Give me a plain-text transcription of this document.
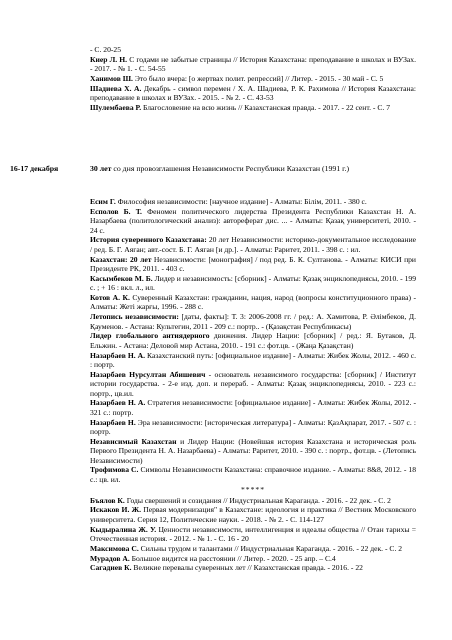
- С. 20-25
Киер Л. Н. С годами не забытые страницы // История Казахстана: преподавание в школах и ВУЗах. - 2017. - № 1. - С. 54-55
Ханимов Ш. Это было вчера: [о жертвах полит. репрессий] // Литер. - 2015. - 30 май - С. 5
Шадиева Х. А. Декабрь - символ перемен / Х. А. Шадиева, Р. К. Рахимова // История Казахстана: преподавание в школах и ВУЗах. - 2015. - № 2. - С. 43-53
Шулембаева Р. Благословение на всю жизнь // Казахстанская правда. - 2017. - 22 сент. - С. 7
16-17 декабря	30 лет со дня провозглашения Независимости Республики Казахстан (1991 г.)
Есим Г. Философия независимости: [научное издание] - Алматы: Білім, 2011. - 380 с.
Есполов Б. Т. Феномен политического лидерства Президента Республики Казахстан Н. А. Назарбаева (политологический анализ): автореферат дис. ... - Алматы: Қазақ университеті, 2010. - 24 с.
История суверенного Казахстана: 20 лет Независимости: историко-документальное исследование / ред. Б. Г. Аяган; авт.-сост. Б. Г. Аяган [и др.]. - Алматы: Раритет, 2011. - 398 с. : ил.
Казахстан: 20 лет Независимости: [монография] / под ред. Б. К. Султанова. - Алматы: КИСИ при Президенте РК, 2011. - 403 с.
Касымбеков М. Б. Лидер и независимость: [сборник] - Алматы: Қазақ энциклопедиясы, 2010. - 199 с. ; + 16 : вкл. л., ил.
Котов А. К. Суверенный Казахстан: гражданин, нация, народ (вопросы конституционного права) - Алматы: Жеті жарғы, 1996. - 288 с.
Летопись независимости: [даты, факты]: Т. 3: 2006-2008 гг. / ред.: А. Хамитова, Р. Әлімбеков, Д. Қауменов. - Астана: Культегин, 2011 - 209 с.: портр.. - (Қазақстан Республикасы)
Лидер глобального антиядерного движения. Лидер Нации: [сборник] / ред.: Я. Бутаков, Д. Ельжин. - Астана: Деловой мир Астана, 2010. - 191 с.: фот.цв. - (Жаңа Қазақстан)
Назарбаев Н. А. Казахстанский путь: [официальное издание] - Алматы: Жибек Жолы, 2012. - 460 с. : портр.
Назарбаев Нурсултан Абишевич - основатель независимого государства: [сборник] / Институт истории государства. - 2-е изд. доп. и перераб. - Алматы: Қазақ энциклопедиясы, 2010. - 223 с.: портр., цв.ил.
Назарбаев Н. А. Стратегия независимости: [официальное издание] - Алматы: Жибек Жолы, 2012. - 321 с.: портр.
Назарбаев Н. Эра независимости: [историческая литература] - Алматы: ҚазАқпарат, 2017. - 507 с. : портр.
Независимый Казахстан и Лидер Нации: (Новейшая история Казахстана и историческая роль Первого Президента Н. А. Назарбаева) - Алматы: Раритет, 2010. - 390 с. : портр., фот.цв. - (Летопись Независимости)
Трофимова С. Символы Независимости Казахстана: справочное издание. - Алматы: 8&8, 2012. - 18 с.: цв. ил.
*****
Бъялов К. Годы свершений и созидания // Индустриальная Караганда. - 2016. - 22 дек. - С. 2
Искаков И. Ж. Первая модернизация" в Казахстане: идеология и практика // Вестник Московского университета. Серия 12, Политические науки. - 2018. - № 2. - С. 114-127
Кыдыралина Ж. У. Ценности независимости, интеллигенция и идеалы общества // Отан тарихы = Отечественная история. - 2012. - № 1. - С. 16 - 20
Максимова С. Сильны трудом и талантами // Индустриальная Караганда. - 2016. - 22 дек. - С. 2
Мурадов А. Большое видится на расстоянии // Литер. - 2020. - 25 апр. – С.4
Сагадиев К. Великие перевалы суверенных лет // Казахстанская правда. - 2016. - 22
